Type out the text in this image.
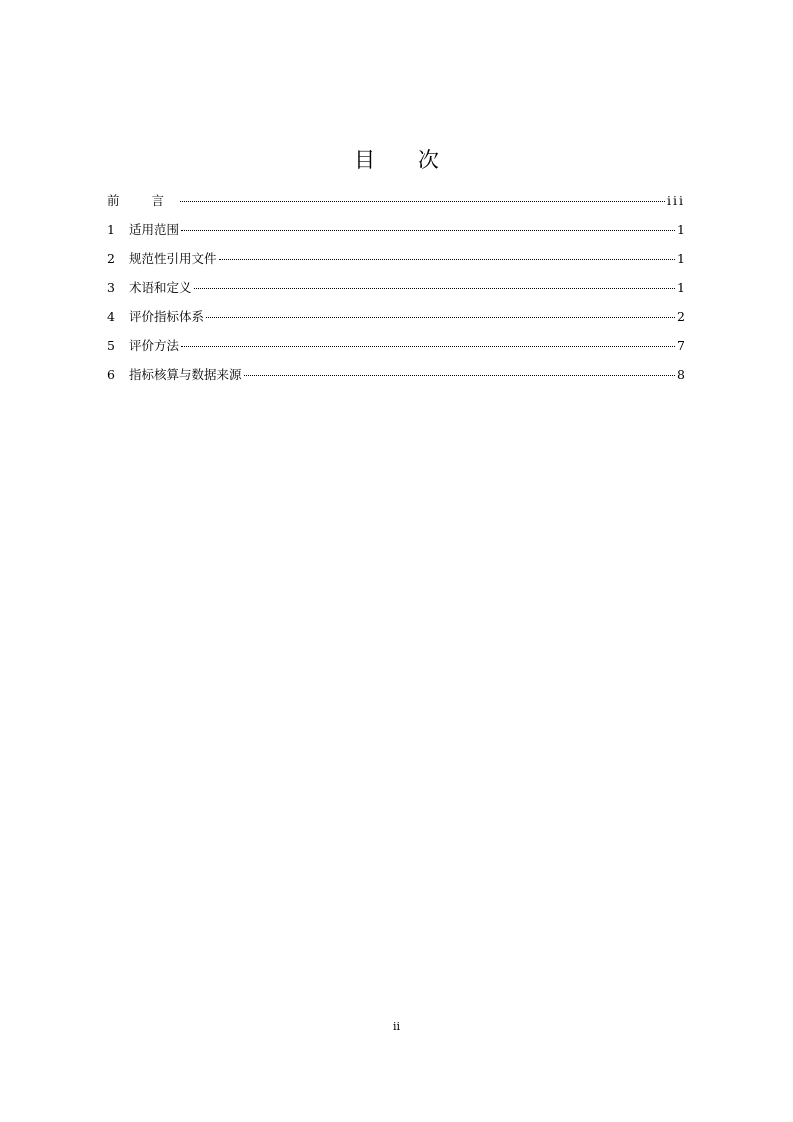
目 次
前 言	iii
1	适用范围	1
2	规范性引用文件	1
3	术语和定义	1
4	评价指标体系	2
5	评价方法	7
6	指标核算与数据来源	8
ii
